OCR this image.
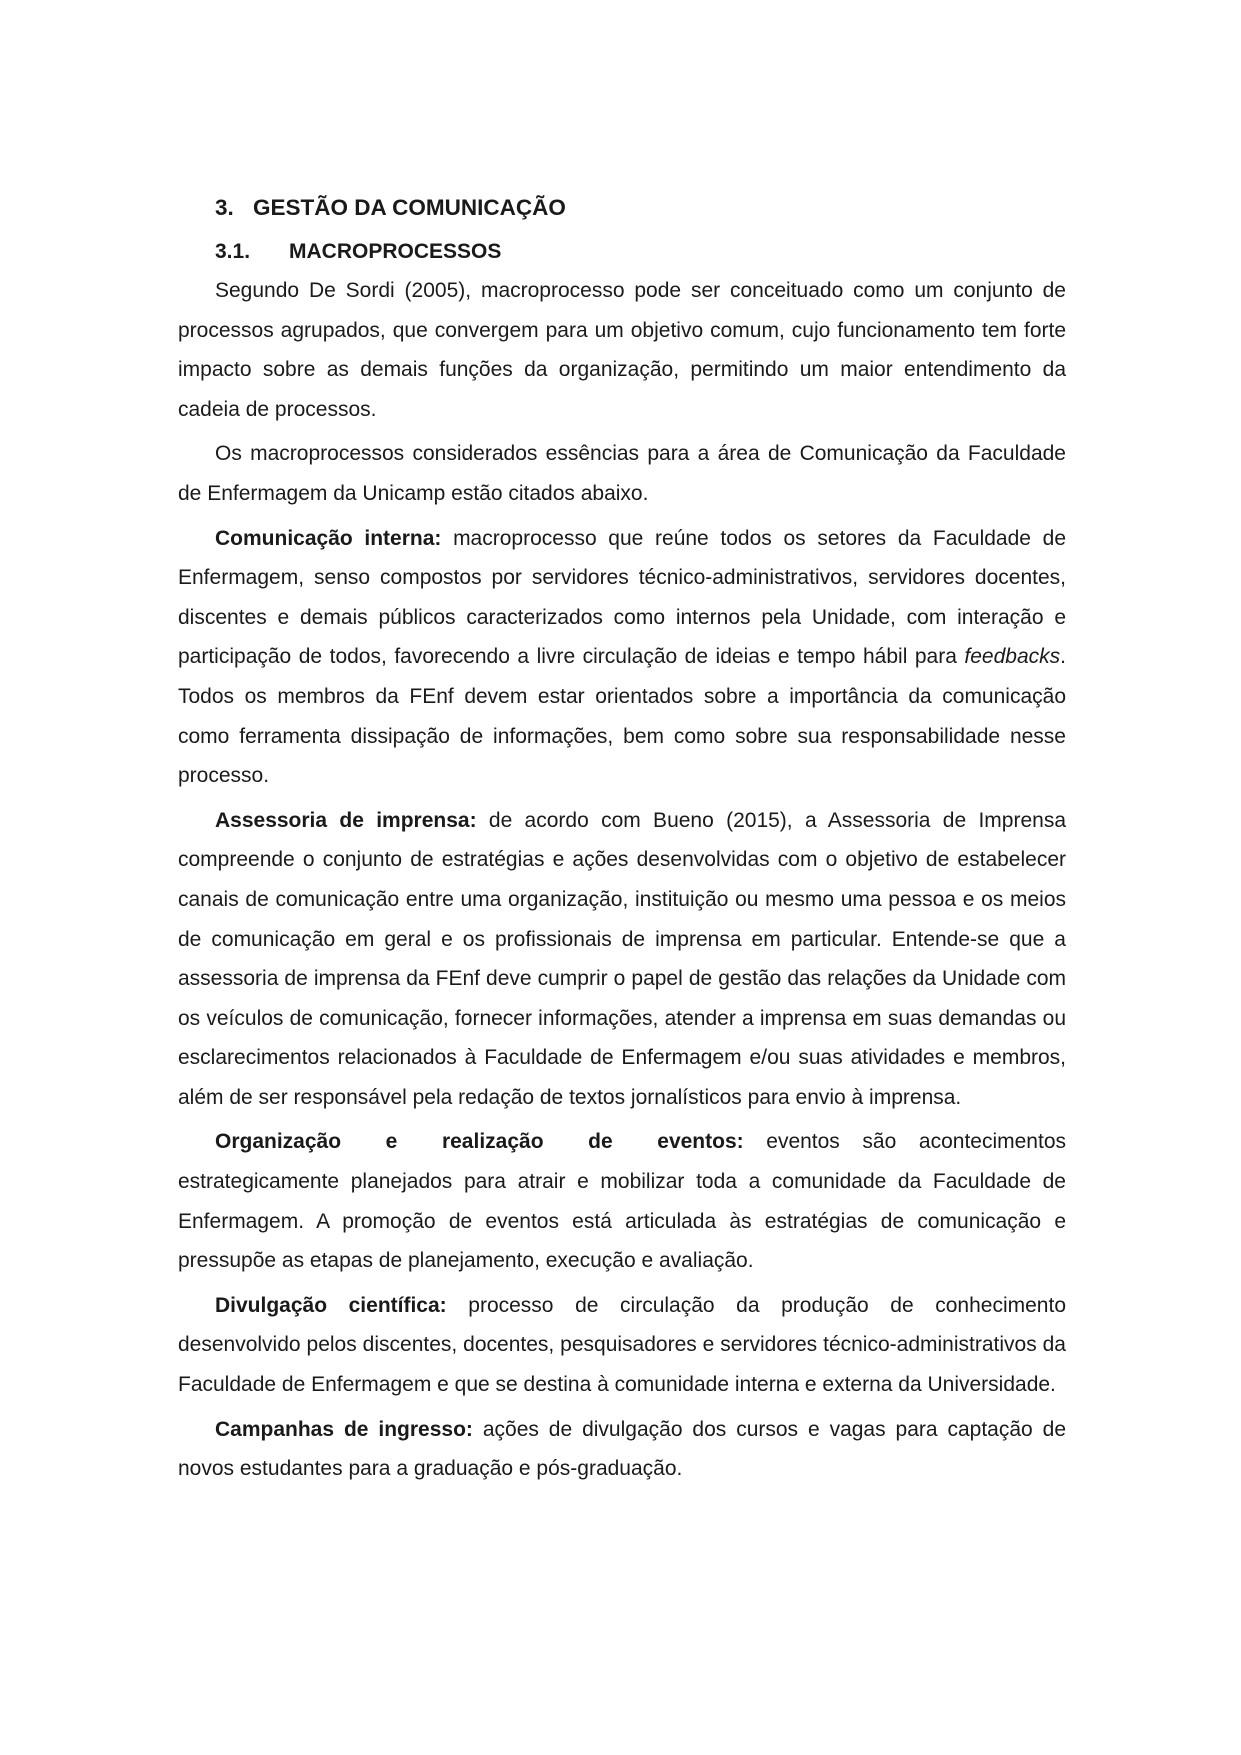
3. GESTÃO DA COMUNICAÇÃO
3.1. MACROPROCESSOS

Segundo De Sordi (2005), macroprocesso pode ser conceituado como um conjunto de processos agrupados, que convergem para um objetivo comum, cujo funcionamento tem forte impacto sobre as demais funções da organização, permitindo um maior entendimento da cadeia de processos.

Os macroprocessos considerados essências para a área de Comunicação da Faculdade de Enfermagem da Unicamp estão citados abaixo.

Comunicação interna: macroprocesso que reúne todos os setores da Faculdade de Enfermagem, senso compostos por servidores técnico-administrativos, servidores docentes, discentes e demais públicos caracterizados como internos pela Unidade, com interação e participação de todos, favorecendo a livre circulação de ideias e tempo hábil para feedbacks. Todos os membros da FEnf devem estar orientados sobre a importância da comunicação como ferramenta dissipação de informações, bem como sobre sua responsabilidade nesse processo.

Assessoria de imprensa: de acordo com Bueno (2015), a Assessoria de Imprensa compreende o conjunto de estratégias e ações desenvolvidas com o objetivo de estabelecer canais de comunicação entre uma organização, instituição ou mesmo uma pessoa e os meios de comunicação em geral e os profissionais de imprensa em particular. Entende-se que a assessoria de imprensa da FEnf deve cumprir o papel de gestão das relações da Unidade com os veículos de comunicação, fornecer informações, atender a imprensa em suas demandas ou esclarecimentos relacionados à Faculdade de Enfermagem e/ou suas atividades e membros, além de ser responsável pela redação de textos jornalísticos para envio à imprensa.

Organização e realização de eventos: eventos são acontecimentos estrategicamente planejados para atrair e mobilizar toda a comunidade da Faculdade de Enfermagem. A promoção de eventos está articulada às estratégias de comunicação e pressupõe as etapas de planejamento, execução e avaliação.

Divulgação científica: processo de circulação da produção de conhecimento desenvolvido pelos discentes, docentes, pesquisadores e servidores técnico-administrativos da Faculdade de Enfermagem e que se destina à comunidade interna e externa da Universidade.

Campanhas de ingresso: ações de divulgação dos cursos e vagas para captação de novos estudantes para a graduação e pós-graduação.
